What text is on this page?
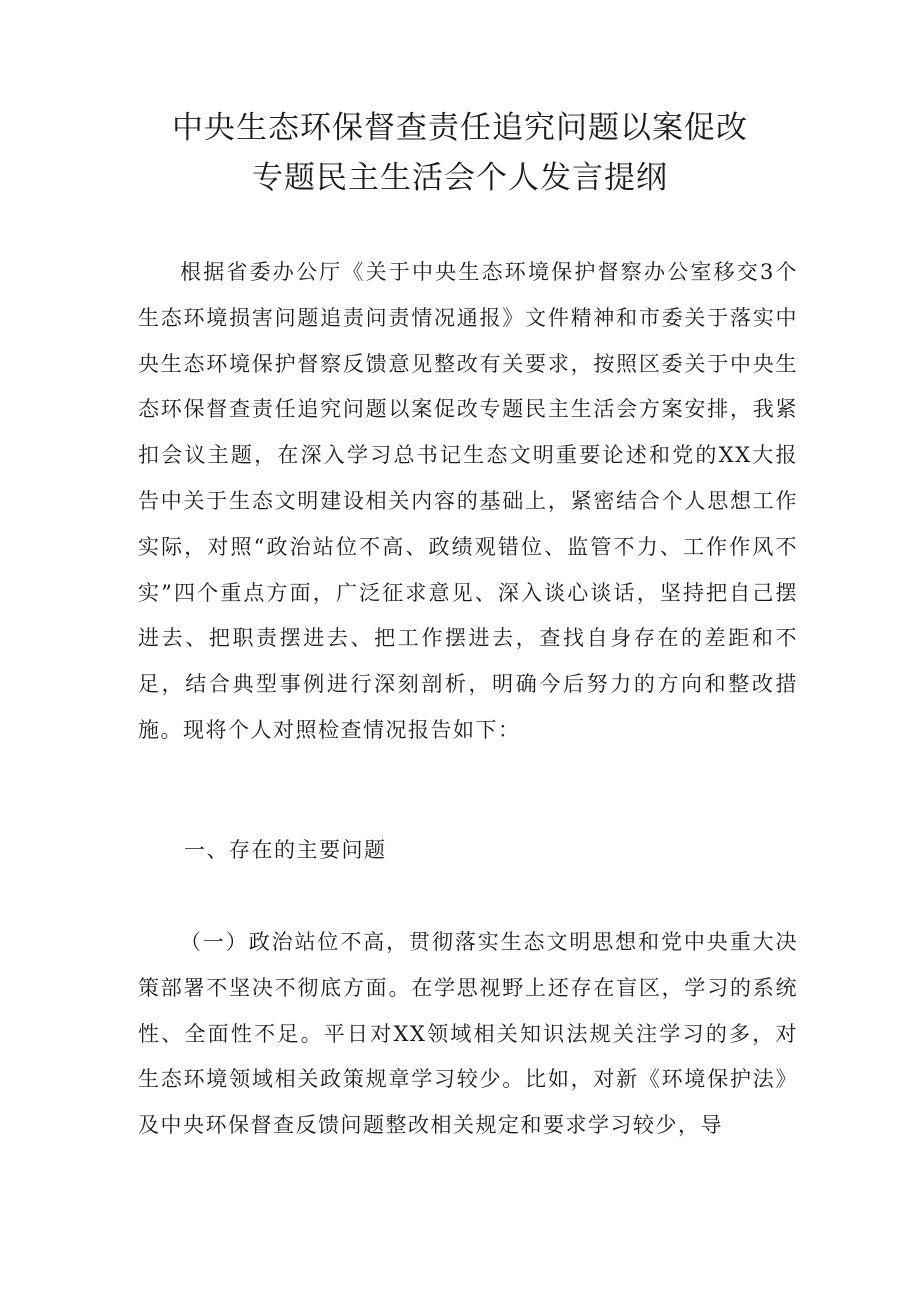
中央生态环保督查责任追究问题以案促改
专题民主生活会个人发言提纲

根据省委办公厅《关于中央生态环境保护督察办公室移交3个生态环境损害问题追责问责情况通报》文件精神和市委关于落实中央生态环境保护督察反馈意见整改有关要求，按照区委关于中央生态环保督查责任追究问题以案促改专题民主生活会方案安排，我紧扣会议主题，在深入学习总书记生态文明重要论述和党的XX大报告中关于生态文明建设相关内容的基础上，紧密结合个人思想工作实际，对照“政治站位不高、政绩观错位、监管不力、工作作风不实”四个重点方面，广泛征求意见、深入谈心谈话，坚持把自己摆进去、把职责摆进去、把工作摆进去，查找自身存在的差距和不足，结合典型事例进行深刻剖析，明确今后努力的方向和整改措施。现将个人对照检查情况报告如下：

一、存在的主要问题

（一）政治站位不高，贯彻落实生态文明思想和党中央重大决策部署不坚决不彻底方面。在学思视野上还存在盲区，学习的系统性、全面性不足。平日对XX领域相关知识法规关注学习的多，对生态环境领域相关政策规章学习较少。比如，对新《环境保护法》及中央环保督查反馈问题整改相关规定和要求学习较少，导
